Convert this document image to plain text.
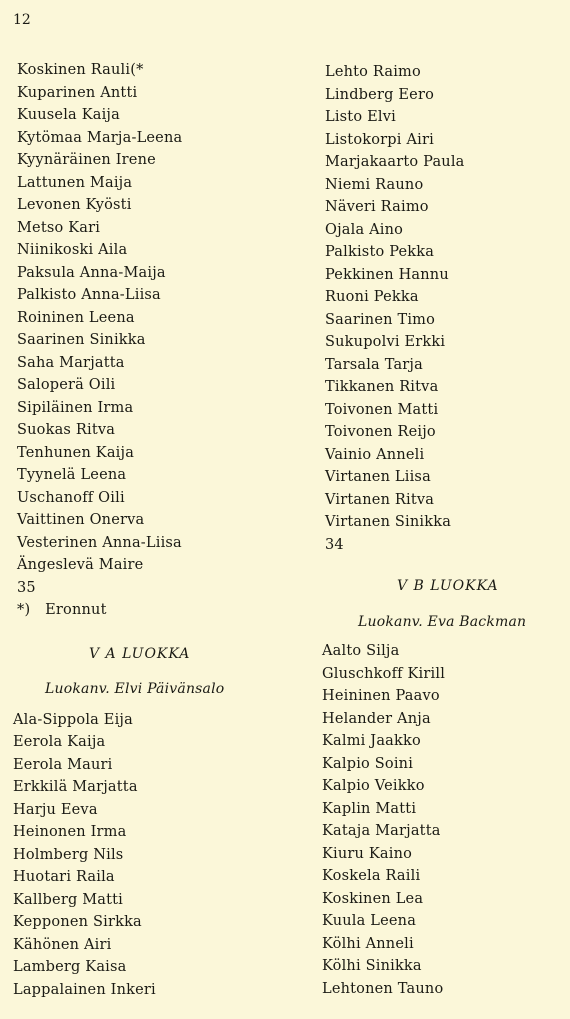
12
Koskinen Rauli(*
Kuparinen Antti
Kuusela Kaija
Kytömaa Marja-Leena
Kyynäräinen Irene
Lattunen Maija
Levonen Kyösti
Metso Kari
Niinikoski Aila
Paksula Anna-Maija
Palkisto Anna-Liisa
Roininen Leena
Saarinen Sinikka
Saha Marjatta
Saloperä Oili
Sipiläinen Irma
Suokas Ritva
Tenhunen Kaija
Tyynelä Leena
Uschanoff Oili
Vaittinen Onerva
Vesterinen Anna-Liisa
Ängeslevä Maire
35
*) Eronnut
V A LUOKKA
Luokanv. Elvi Päivänsalo
Ala-Sippola Eija
Eerola Kaija
Eerola Mauri
Erkkilä Marjatta
Harju Eeva
Heinonen Irma
Holmberg Nils
Huotari Raila
Kallberg Matti
Kepponen Sirkka
Kähönen Airi
Lamberg Kaisa
Lappalainen Inkeri
Lehto Raimo
Lindberg Eero
Listo Elvi
Listokorpi Airi
Marjakaarto Paula
Niemi Rauno
Näveri Raimo
Ojala Aino
Palkisto Pekka
Pekkinen Hannu
Ruoni Pekka
Saarinen Timo
Sukupolvi Erkki
Tarsala Tarja
Tikkanen Ritva
Toivonen Matti
Toivonen Reijo
Vainio Anneli
Virtanen Liisa
Virtanen Ritva
Virtanen Sinikka
34
V B LUOKKA
Luokanv. Eva Backman
Aalto Silja
Gluschkoff Kirill
Heininen Paavo
Helander Anja
Kalmi Jaakko
Kalpio Soini
Kalpio Veikko
Kaplin Matti
Kataja Marjatta
Kiuru Kaino
Koskela Raili
Koskinen Lea
Kuula Leena
Kölhi Anneli
Kölhi Sinikka
Lehtonen Tauno
